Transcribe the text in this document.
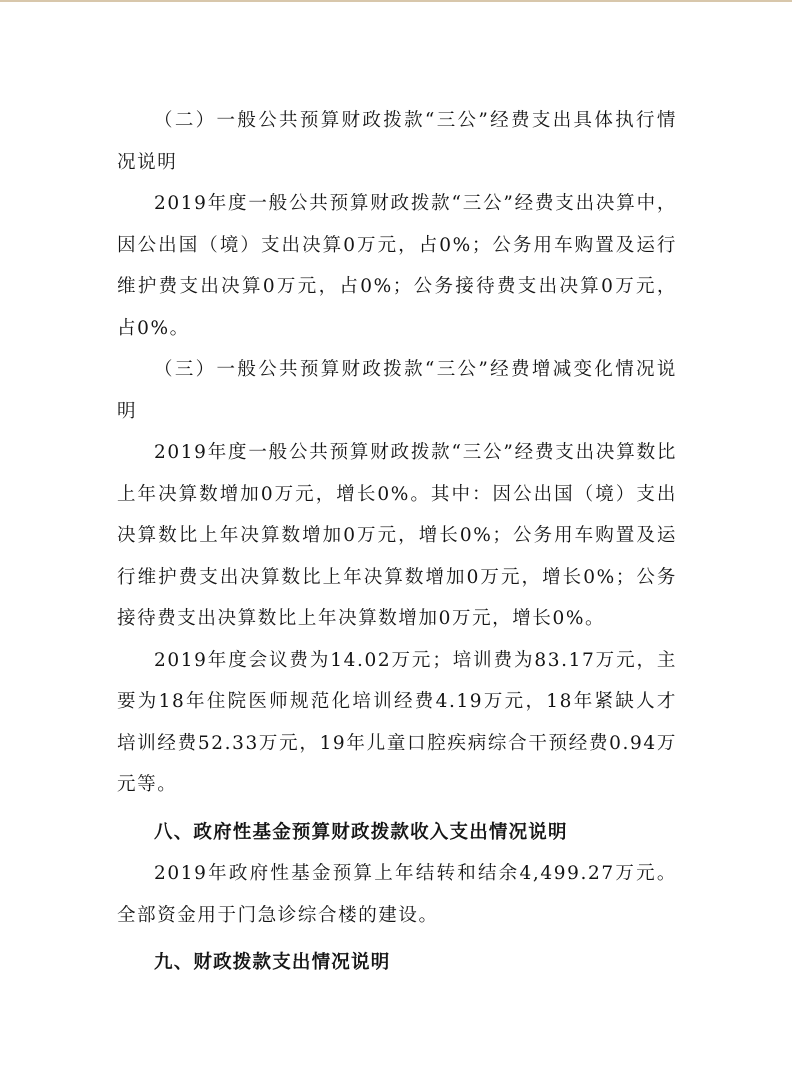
（二）一般公共预算财政拨款“三公”经费支出具体执行情况说明

2019年度一般公共预算财政拨款“三公”经费支出决算中，因公出国（境）支出决算0万元，占0%；公务用车购置及运行维护费支出决算0万元，占0%；公务接待费支出决算0万元，占0%。

（三）一般公共预算财政拨款“三公”经费增减变化情况说明

2019年度一般公共预算财政拨款“三公”经费支出决算数比上年决算数增加0万元，增长0%。其中：因公出国（境）支出决算数比上年决算数增加0万元，增长0%；公务用车购置及运行维护费支出决算数比上年决算数增加0万元，增长0%；公务接待费支出决算数比上年决算数增加0万元，增长0%。

2019年度会议费为14.02万元；培训费为83.17万元，主要为18年住院医师规范化培训经费4.19万元，18年紧缺人才培训经费52.33万元，19年儿童口腔疾病综合干预经费0.94万元等。

八、政府性基金预算财政拨款收入支出情况说明

2019年政府性基金预算上年结转和结余4,499.27万元。全部资金用于门急诊综合楼的建设。

九、财政拨款支出情况说明
